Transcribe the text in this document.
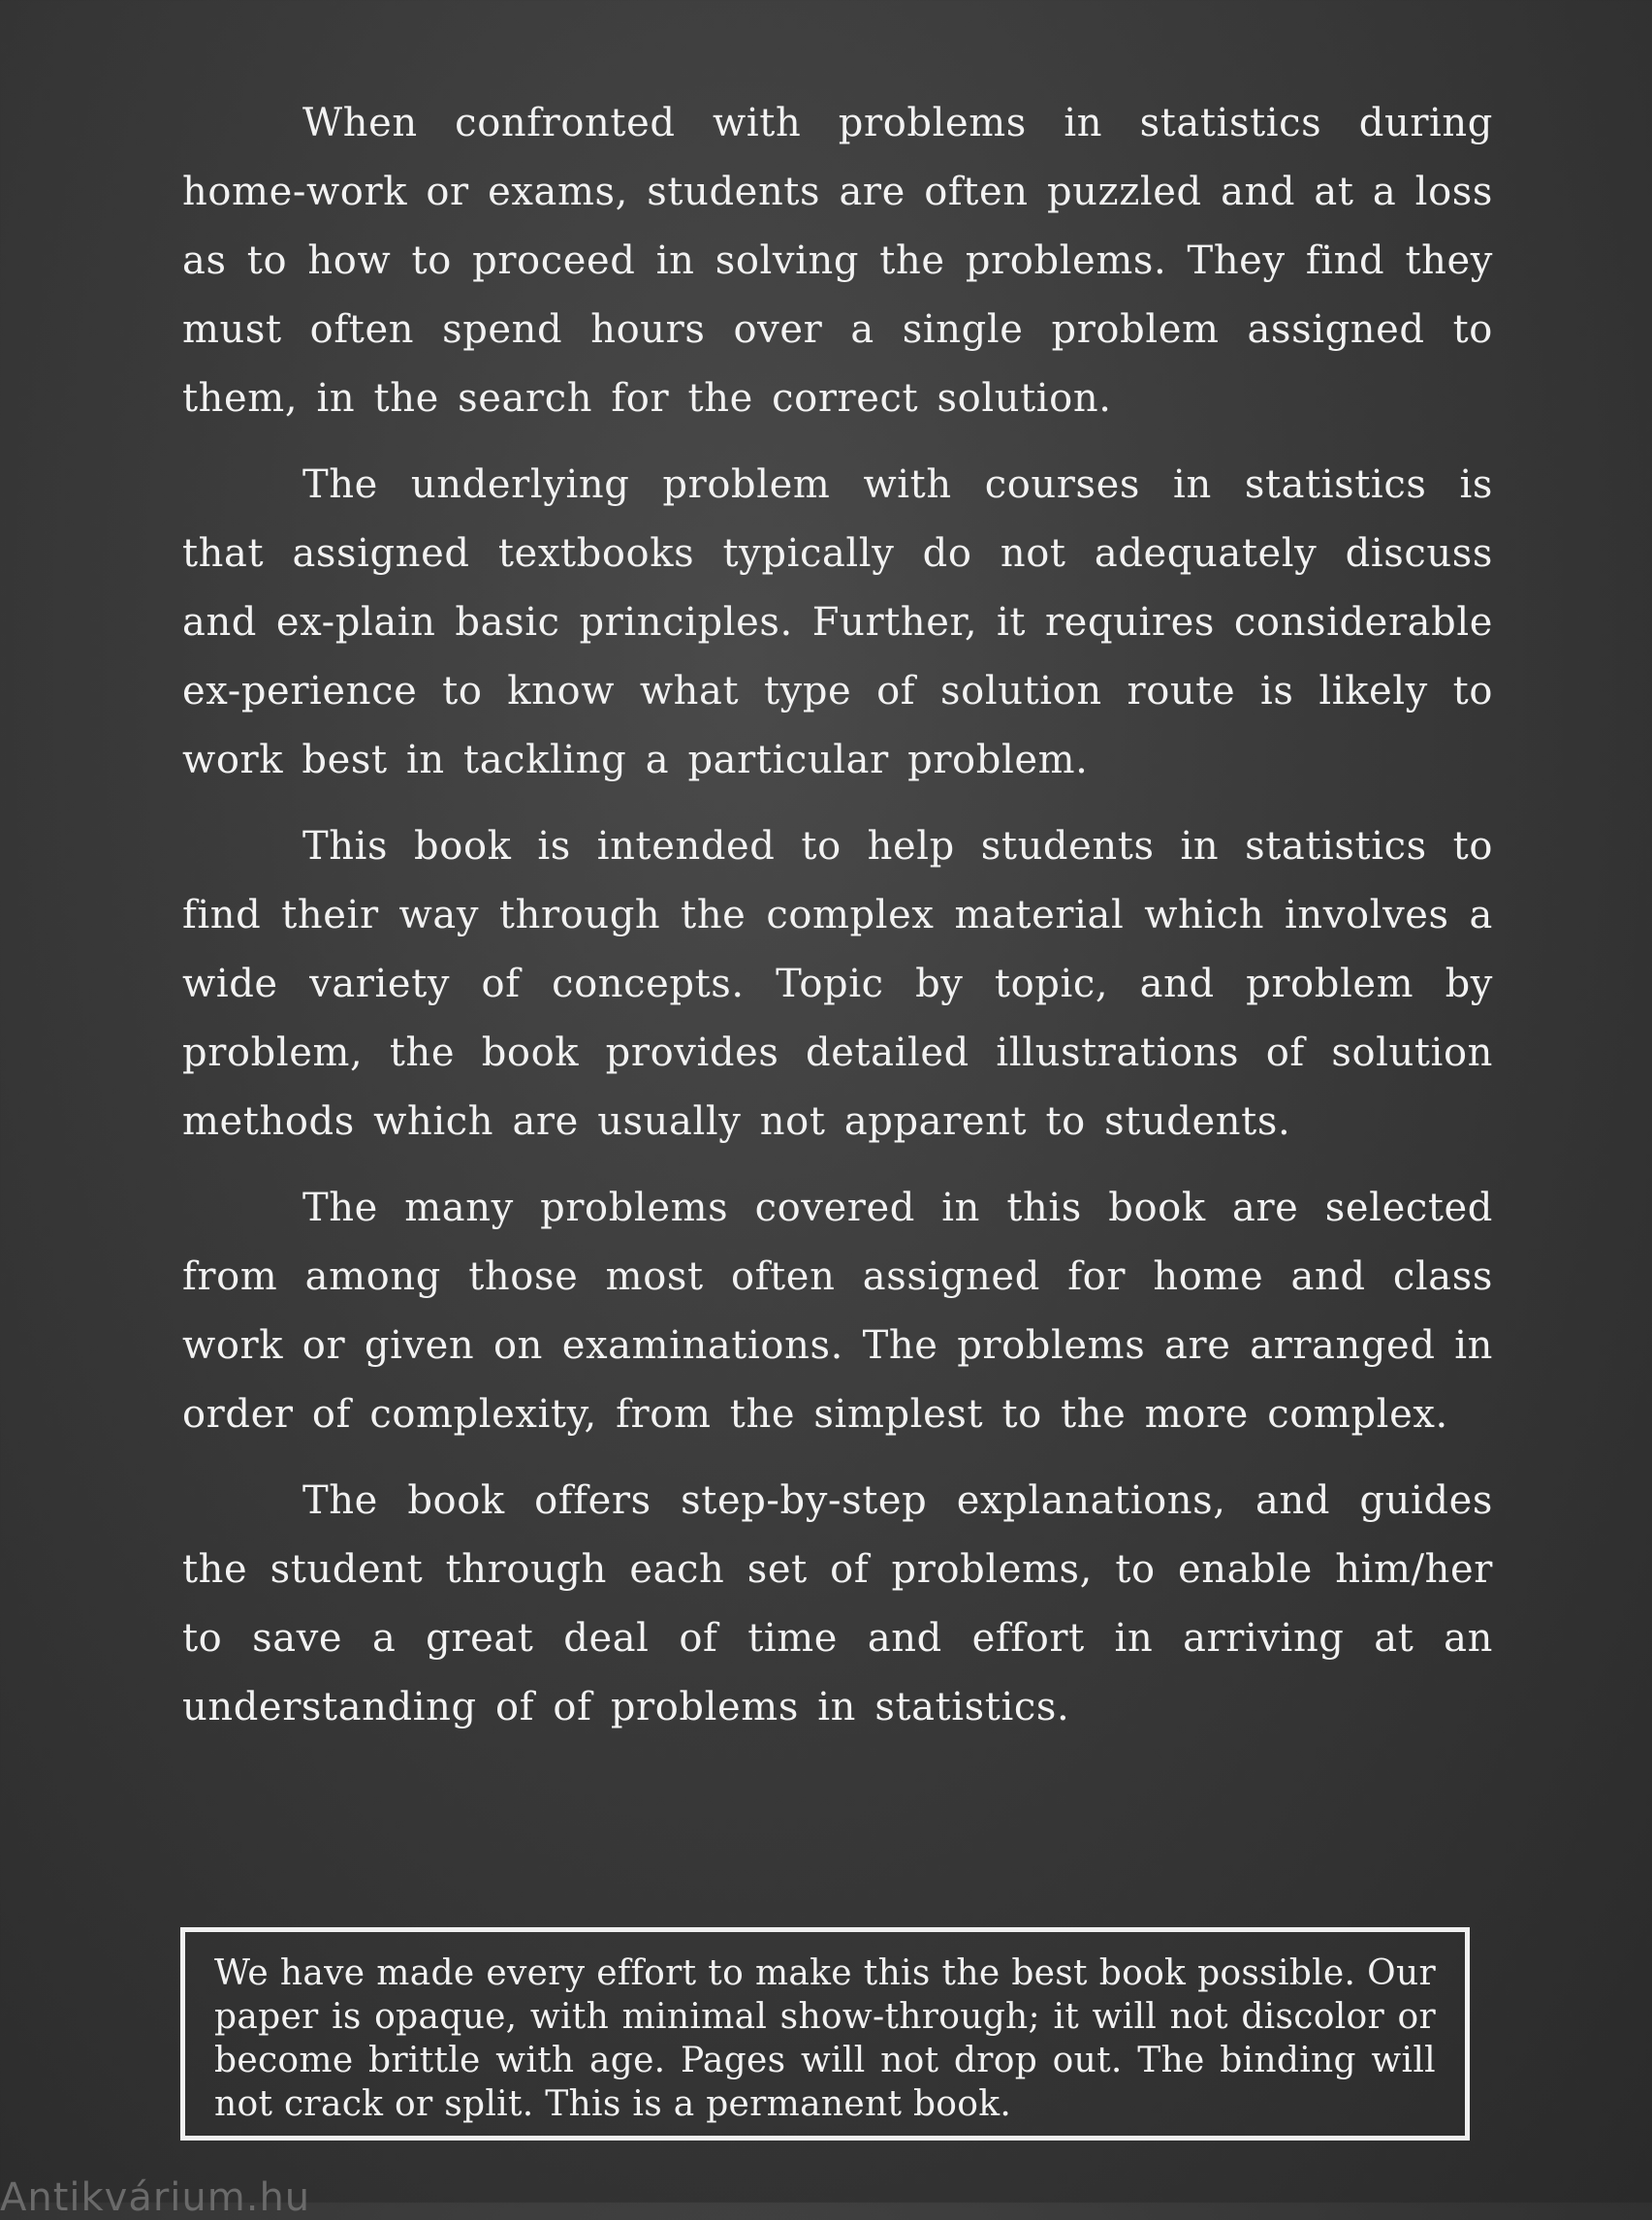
When confronted with problems in statistics during home-work or exams, students are often puzzled and at a loss as to how to proceed in solving the problems. They find they must often spend hours over a single problem assigned to them, in the search for the correct solution.

The underlying problem with courses in statistics is that assigned textbooks typically do not adequately discuss and ex-plain basic principles. Further, it requires considerable ex-perience to know what type of solution route is likely to work best in tackling a particular problem.

This book is intended to help students in statistics to find their way through the complex material which involves a wide variety of concepts. Topic by topic, and problem by problem, the book provides detailed illustrations of solution methods which are usually not apparent to students.

The many problems covered in this book are selected from among those most often assigned for home and class work or given on examinations. The problems are arranged in order of complexity, from the simplest to the more complex.

The book offers step-by-step explanations, and guides the student through each set of problems, to enable him/her to save a great deal of time and effort in arriving at an understanding of of problems in statistics.

We have made every effort to make this the best book possible. Our paper is opaque, with minimal show-through; it will not discolor or become brittle with age. Pages will not drop out. The binding will not crack or split. This is a permanent book.

Antikvárium.hu
